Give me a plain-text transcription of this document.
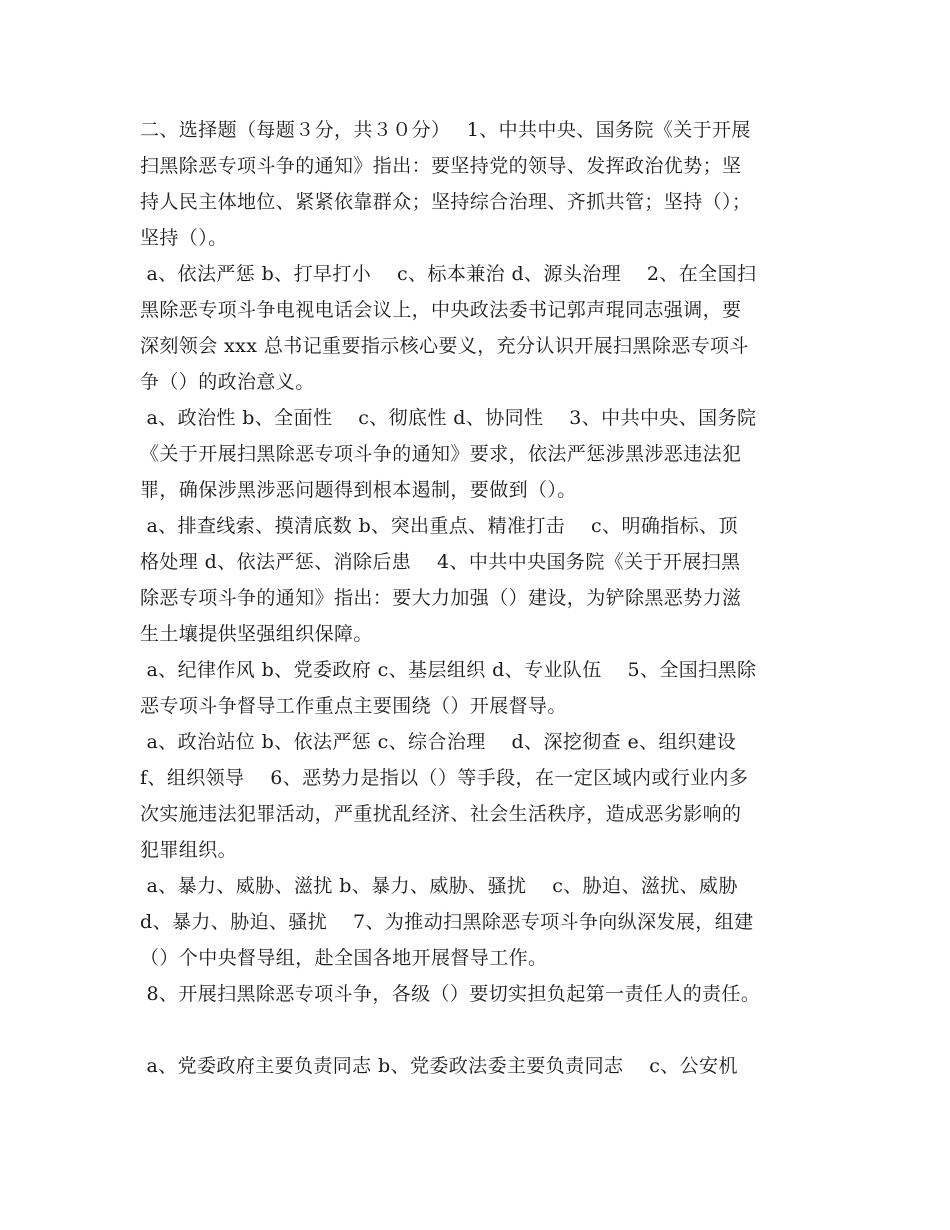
二、选择题（每题３分，共３０分）　 1、中共中央、国务院《关于开展
扫黑除恶专项斗争的通知》指出：要坚持党的领导、发挥政治优势；坚
持人民主体地位、紧紧依靠群众；坚持综合治理、齐抓共管；坚持（）；
坚持（）。
a、依法严惩 b、打早打小　 c、标本兼治 d、源头治理　 2、在全国扫
黑除恶专项斗争电视电话会议上，中央政法委书记郭声琨同志强调，要
深刻领会 xxx 总书记重要指示核心要义，充分认识开展扫黑除恶专项斗
争（）的政治意义。
a、政治性 b、全面性　 c、彻底性 d、协同性　 3、中共中央、国务院
《关于开展扫黑除恶专项斗争的通知》要求，依法严惩涉黑涉恶违法犯
罪，确保涉黑涉恶问题得到根本遏制，要做到（）。
a、排查线索、摸清底数 b、突出重点、精准打击　 c、明确指标、顶
格处理 d、依法严惩、消除后患　 4、中共中央国务院《关于开展扫黑
除恶专项斗争的通知》指出：要大力加强（）建设，为铲除黑恶势力滋
生土壤提供坚强组织保障。
a、纪律作风 b、党委政府 c、基层组织 d、专业队伍　 5、全国扫黑除
恶专项斗争督导工作重点主要围绕（）开展督导。
a、政治站位 b、依法严惩 c、综合治理　 d、深挖彻查 e、组织建设
f、组织领导　 6、恶势力是指以（）等手段，在一定区域内或行业内多
次实施违法犯罪活动，严重扰乱经济、社会生活秩序，造成恶劣影响的
犯罪组织。
a、暴力、威胁、滋扰 b、暴力、威胁、骚扰　 c、胁迫、滋扰、威胁
d、暴力、胁迫、骚扰　 7、为推动扫黑除恶专项斗争向纵深发展，组建
（）个中央督导组，赴全国各地开展督导工作。
8、开展扫黑除恶专项斗争，各级（）要切实担负起第一责任人的责任。
a、党委政府主要负责同志 b、党委政法委主要负责同志　 c、公安机
